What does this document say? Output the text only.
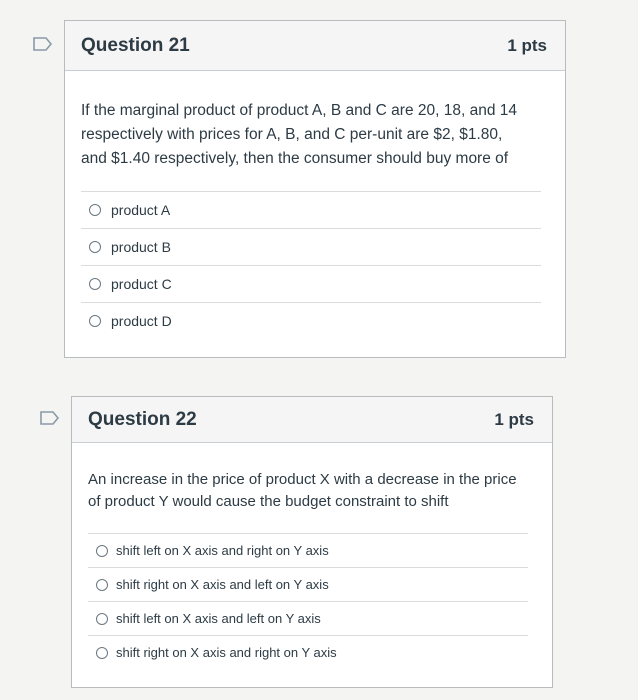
Question 21	1 pts
If the marginal product of product A, B and C are 20, 18, and 14 respectively with prices for A, B, and C per-unit are $2, $1.80, and $1.40 respectively, then the consumer should buy more of
product A
product B
product C
product D
Question 22	1 pts
An increase in the price of product X with a decrease in the price of product Y would cause the budget constraint to shift
shift left on X axis and right on Y axis
shift right on X axis and left on Y axis
shift left on X axis and left on Y axis
shift right on X axis and right on Y axis
